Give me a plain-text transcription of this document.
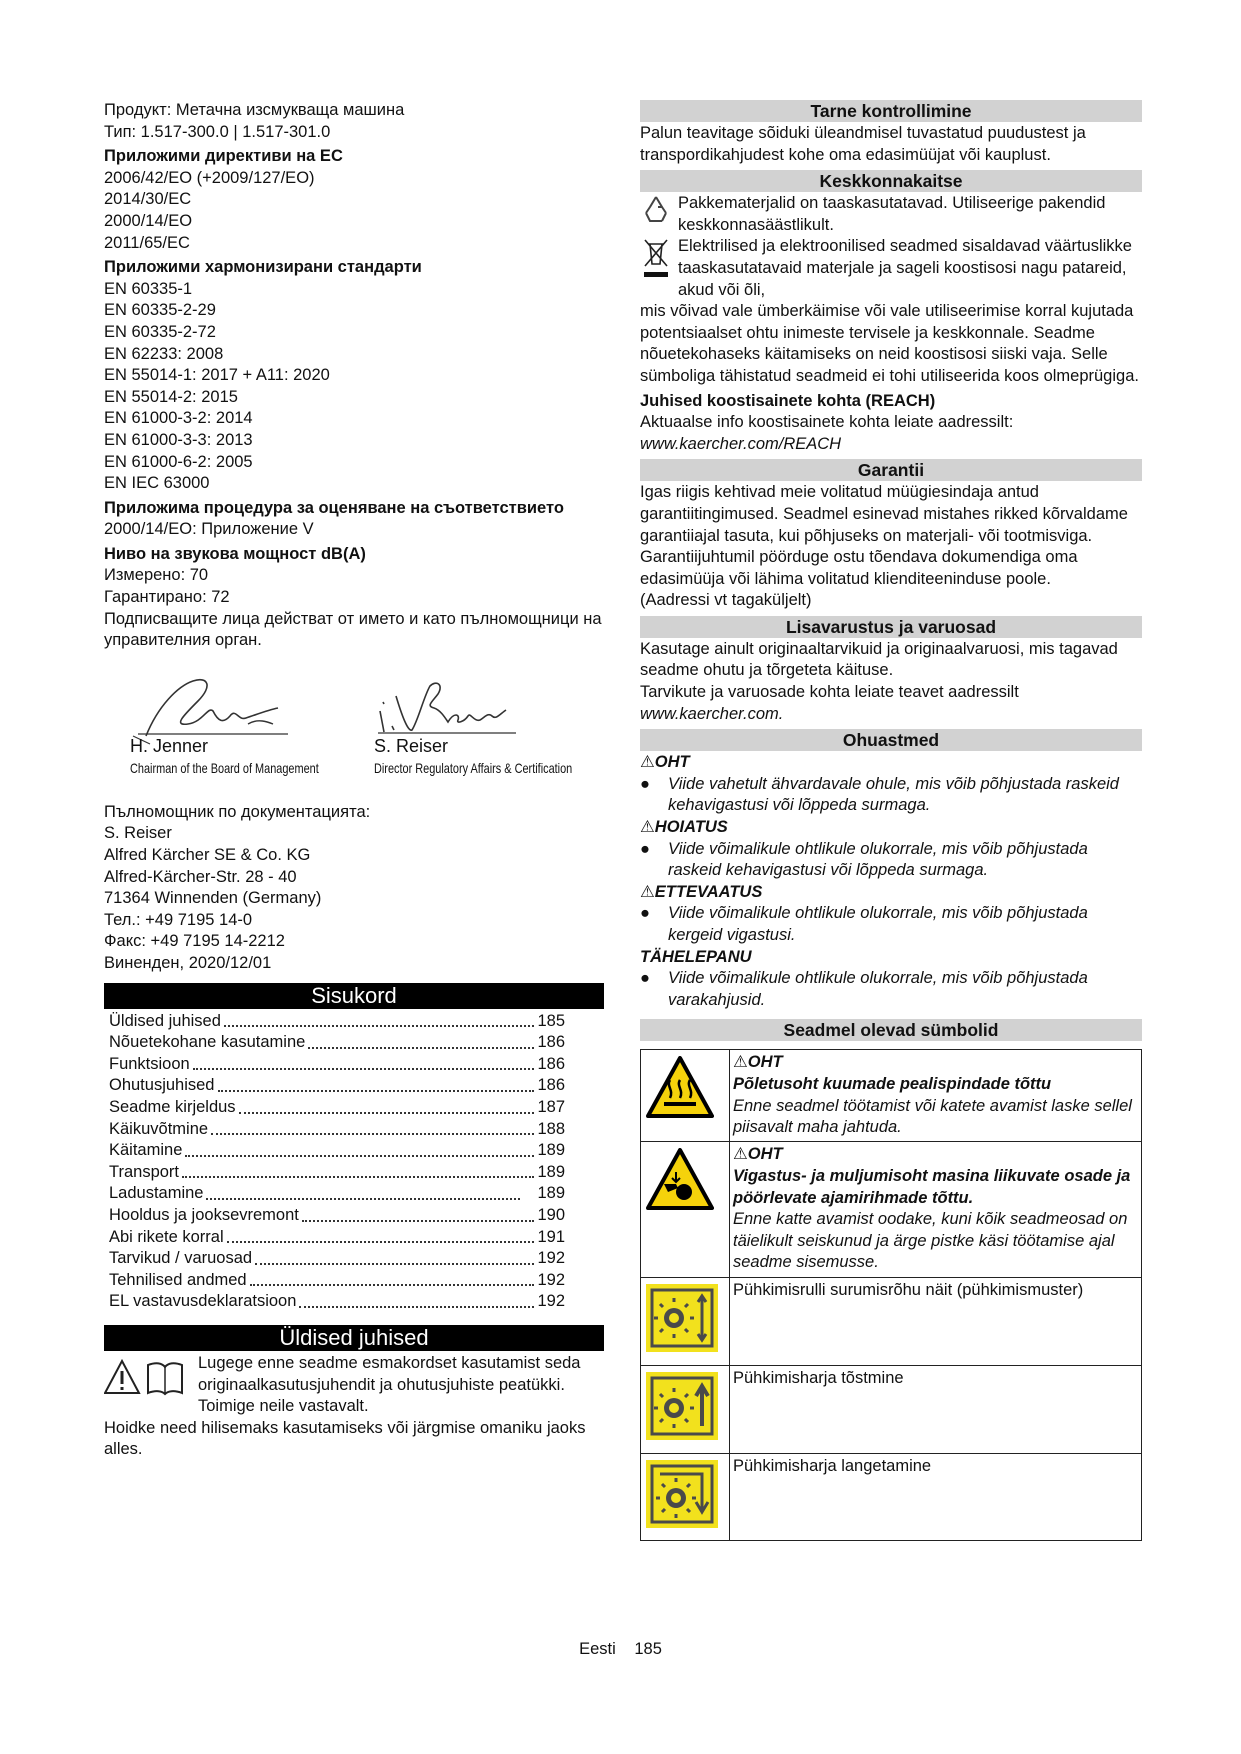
Продукт: Метачна изсмукваща машина

Тип: 1.517-300.0 | 1.517-301.0

Приложими директиви на ЕС

2006/42/EO (+2009/127/EO)

2014/30/EC

2000/14/EO

2011/65/EC

Приложими хармонизирани стандарти

EN 60335-1

EN 60335-2-29

EN 60335-2-72

EN 62233: 2008

EN 55014-1: 2017 + A11: 2020

EN 55014-2: 2015

EN 61000-3-2: 2014

EN 61000-3-3: 2013

EN 61000-6-2: 2005

EN IEC 63000

Приложима процедура за оценяване на съответствието

2000/14/EO: Приложение V

Ниво на звукова мощност dB(A)

Измерено: 70

Гарантирано: 72

Подписващите лица действат от името и като пълномощници на управителния орган.

H. Jenner
Chairman of the Board of Management
S. Reiser
Director Regulatory Affairs & Certification

Пълномощник по документацията:

S. Reiser

Alfred Kärcher SE & Co. KG

Alfred-Kärcher-Str. 28 - 40

71364 Winnenden (Germany)

Тел.: +49 7195 14-0

Факс: +49 7195 14-2212

Виненден, 2020/12/01

Sisukord
Üldised juhised	185
Nõuetekohane kasutamine	186
Funktsioon	186
Ohutusjuhised	186
Seadme kirjeldus	187
Käikuvõtmine	188
Käitamine	189
Transport	189
Ladustamine	189
Hooldus ja jooksevremont	190
Abi rikete korral	191
Tarvikud / varuosad	192
Tehnilised andmed	192
EL vastavusdeklaratsioon	192
Üldised juhised

Lugege enne seadme esmakordset kasutamist seda originaalkasutusjuhendit ja ohutusjuhiste peatükki. Toimige neile vastavalt.

Hoidke need hilisemaks kasutamiseks või järgmise omaniku jaoks alles.

Tarne kontrollimine

Palun teavitage sõiduki üleandmisel tuvastatud puudustest ja transpordikahjudest kohe oma edasimüüjat või kauplust.

Keskkonnakaitse

Pakkematerjalid on taaskasutatavad. Utiliseerige pakendid keskkonnasäästlikult.

Elektrilised ja elektroonilised seadmed sisaldavad väärtuslikke taaskasutatavaid materjale ja sageli koostisosi nagu patareid, akud või õli,

mis võivad vale ümberkäimise või vale utiliseerimise korral kujutada potentsiaalset ohtu inimeste tervisele ja keskkonnale. Seadme nõuetekohaseks käitamiseks on neid koostisosi siiski vaja. Selle sümboliga tähistatud seadmeid ei tohi utiliseerida koos olmeprügiga.

Juhised koostisainete kohta (REACH)

Aktuaalse info koostisainete kohta leiate aadressilt:

www.kaercher.com/REACH

Garantii

Igas riigis kehtivad meie volitatud müügiesindaja antud garantiitingimused. Seadmel esinevad mistahes rikked kõrvaldame garantiiajal tasuta, kui põhjuseks on materjali- või tootmisviga. Garantiijuhtumil pöörduge ostu tõendava dokumendiga oma edasimüüja või lähima volitatud klienditeeninduse poole.

(Aadressi vt tagaküljelt)

Lisavarustus ja varuosad

Kasutage ainult originaaltarvikuid ja originaalvaruosi, mis tagavad seadme ohutu ja tõrgeteta käituse.

Tarvikute ja varuosade kohta leiate teavet aadressilt

www.kaercher.com.

Ohuastmed

⚠OHT

●	Viide vahetult ähvardavale ohule, mis võib põhjustada raskeid kehavigastusi või lõppeda surmaga.

⚠HOIATUS

●	Viide võimalikule ohtlikule olukorrale, mis võib põhjustada raskeid kehavigastusi või lõppeda surmaga.

⚠ETTEVAATUS

●	Viide võimalikule ohtlikule olukorrale, mis võib põhjustada kergeid vigastusi.

TÄHELEPANU

●	Viide võimalikule ohtlikule olukorrale, mis võib põhjustada varakahjusid.
Seadmel olevad sümbolid

⚠OHT
Põletusoht kuumade pealispindade tõttu
Enne seadmel töötamist või katete avamist laske sellel piisavalt maha jahtuda.

⚠OHT
Vigastus- ja muljumisoht masina liikuvate osade ja pöörlevate ajamirihmade tõttu.
Enne katte avamist oodake, kuni kõik seadmeosad on täielikult seiskunud ja ärge pistke käsi töötamise ajal seadme sisemusse.

Pühkimisrulli surumisrõhu näit (pühkimismuster)

Pühkimisharja tõstmine

Pühkimisharja langetamine
Eesti 185
